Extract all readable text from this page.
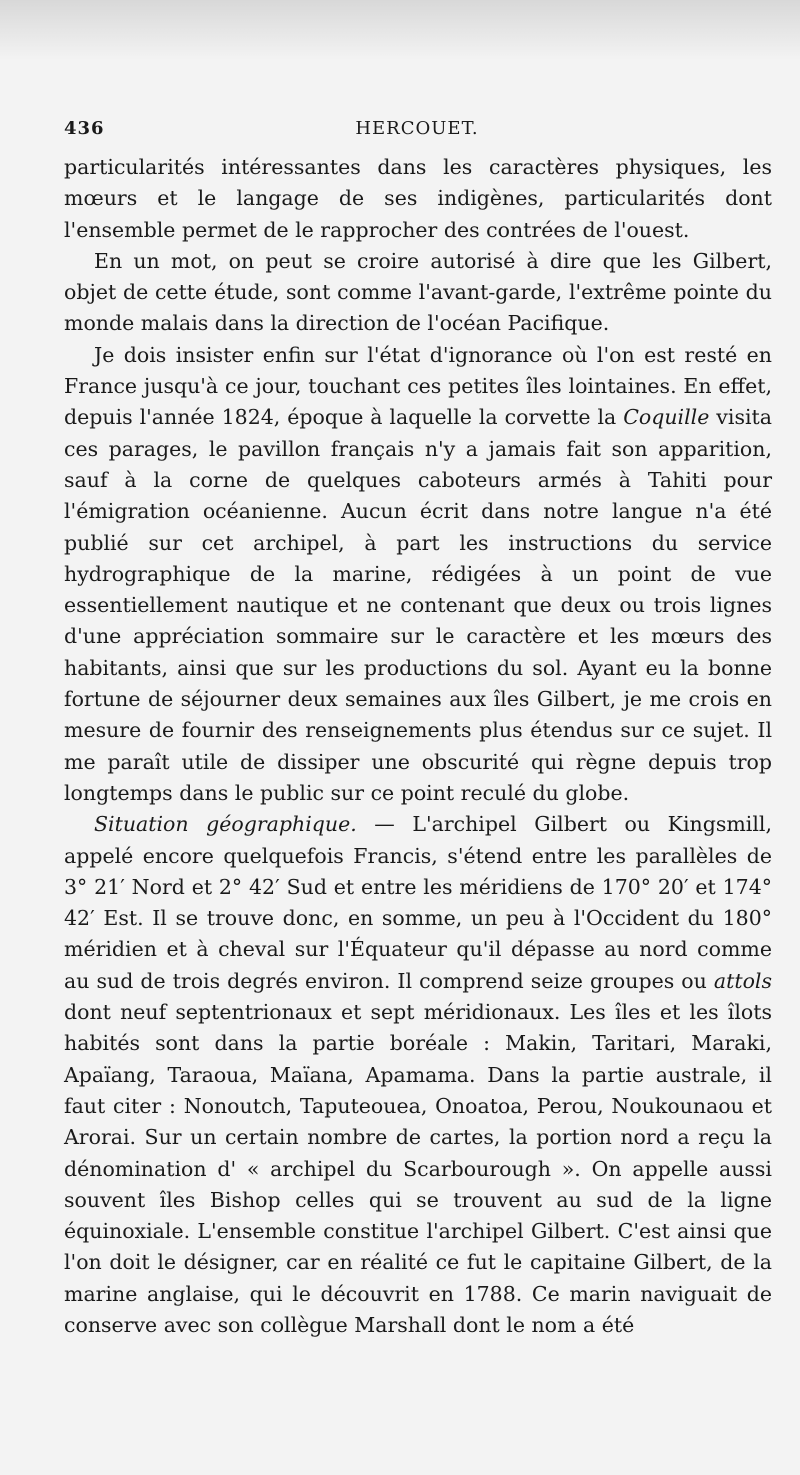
436	HERCOUET.

particularités intéressantes dans les caractères physiques, les mœurs et le langage de ses indigènes, particularités dont l'ensemble permet de le rapprocher des contrées de l'ouest.

En un mot, on peut se croire autorisé à dire que les Gilbert, objet de cette étude, sont comme l'avant-garde, l'extrême pointe du monde malais dans la direction de l'océan Pacifique.

Je dois insister enfin sur l'état d'ignorance où l'on est resté en France jusqu'à ce jour, touchant ces petites îles lointaines. En effet, depuis l'année 1824, époque à laquelle la corvette la Coquille visita ces parages, le pavillon français n'y a jamais fait son apparition, sauf à la corne de quelques caboteurs armés à Tahiti pour l'émigration océanienne. Aucun écrit dans notre langue n'a été publié sur cet archipel, à part les instructions du service hydrographique de la marine, rédigées à un point de vue essentiellement nautique et ne contenant que deux ou trois lignes d'une appréciation sommaire sur le caractère et les mœurs des habitants, ainsi que sur les productions du sol. Ayant eu la bonne fortune de séjourner deux semaines aux îles Gilbert, je me crois en mesure de fournir des renseignements plus étendus sur ce sujet. Il me paraît utile de dissiper une obscurité qui règne depuis trop longtemps dans le public sur ce point reculé du globe.

Situation géographique. — L'archipel Gilbert ou Kingsmill, appelé encore quelquefois Francis, s'étend entre les parallèles de 3° 21′ Nord et 2° 42′ Sud et entre les méridiens de 170° 20′ et 174° 42′ Est. Il se trouve donc, en somme, un peu à l'Occident du 180° méridien et à cheval sur l'Équateur qu'il dépasse au nord comme au sud de trois degrés environ. Il comprend seize groupes ou attols dont neuf septentrionaux et sept méridionaux. Les îles et les îlots habités sont dans la partie boréale : Makin, Taritari, Maraki, Apaïang, Taraoua, Maïana, Apamama. Dans la partie australe, il faut citer : Nonoutch, Taputeouea, Onoatoa, Perou, Noukounaou et Arorai. Sur un certain nombre de cartes, la portion nord a reçu la dénomination d' « archipel du Scarbourough ». On appelle aussi souvent îles Bishop celles qui se trouvent au sud de la ligne équinoxiale. L'ensemble constitue l'archipel Gilbert. C'est ainsi que l'on doit le désigner, car en réalité ce fut le capitaine Gilbert, de la marine anglaise, qui le découvrit en 1788. Ce marin naviguait de conserve avec son collègue Marshall dont le nom a été
